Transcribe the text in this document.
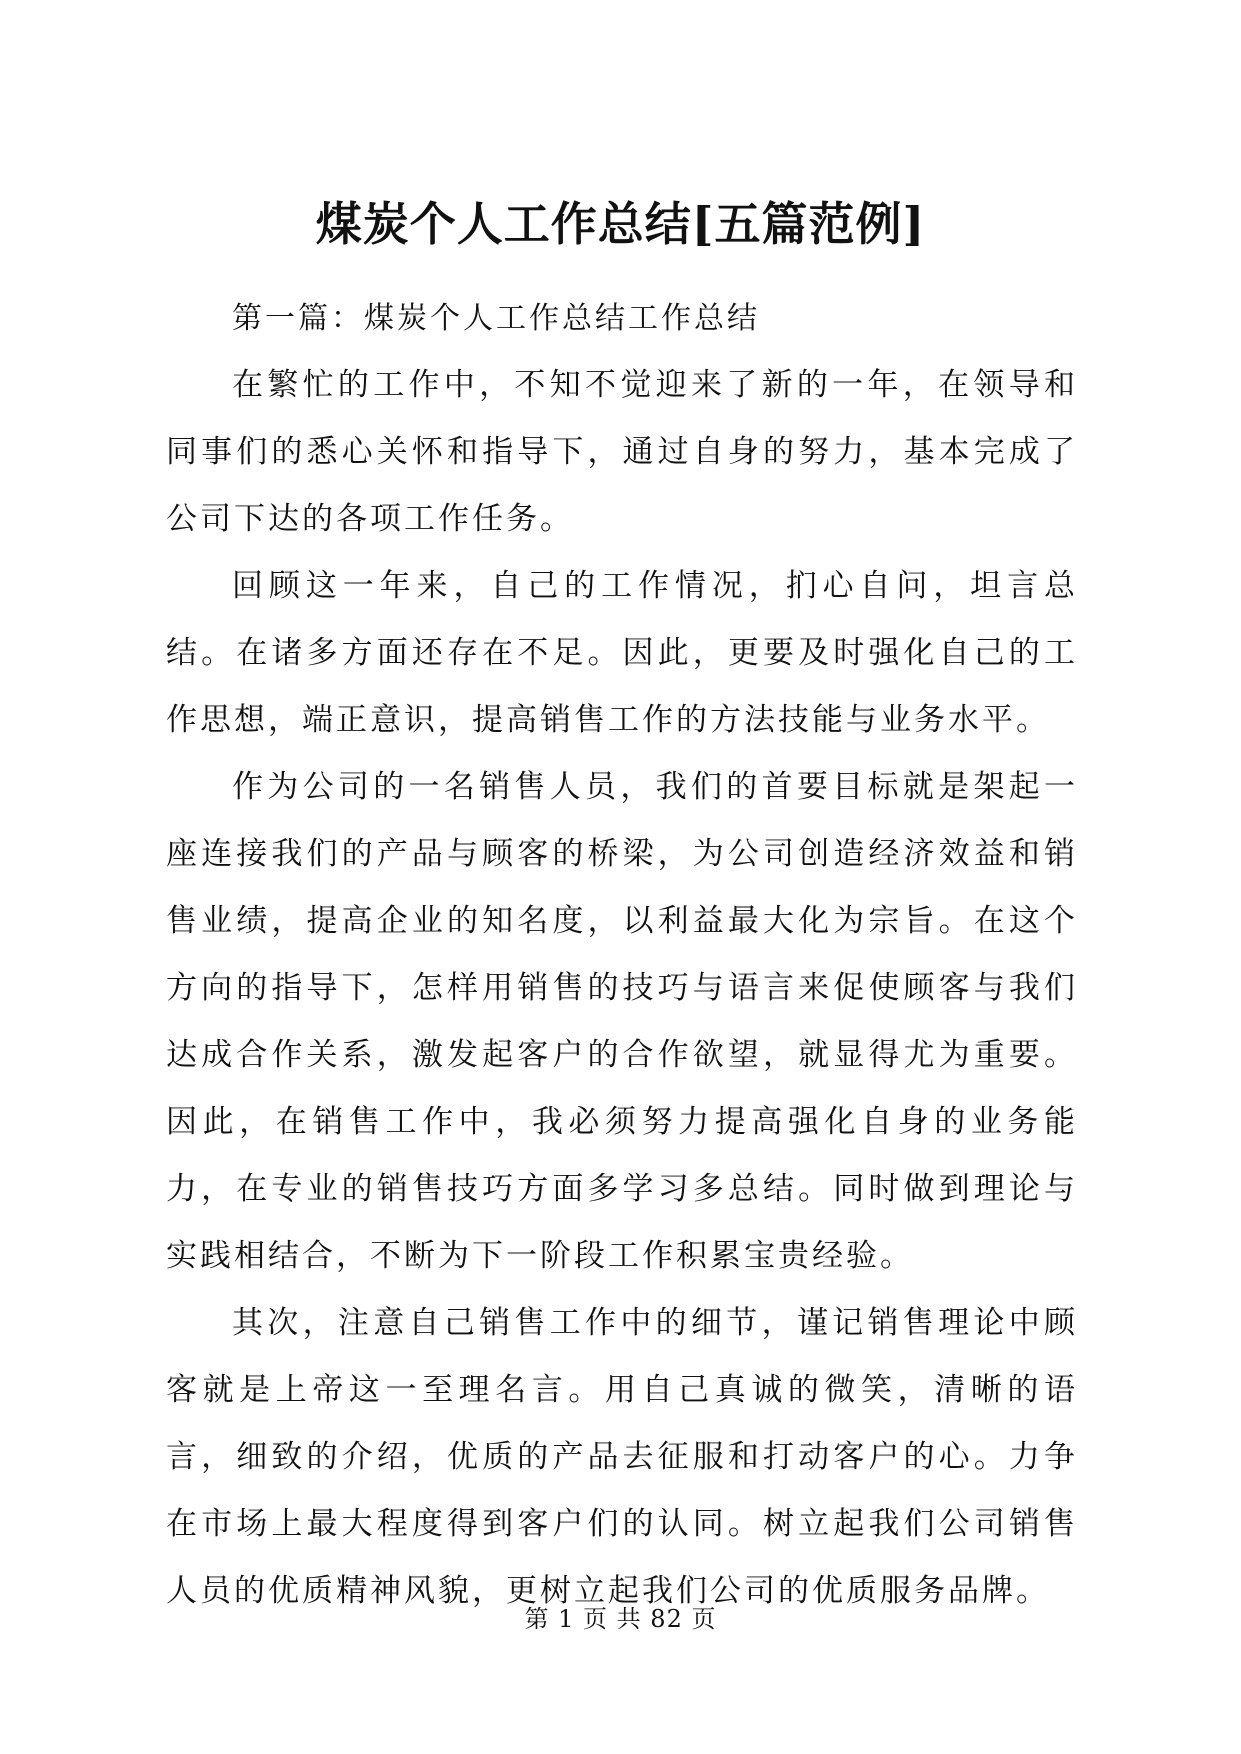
煤炭个人工作总结[五篇范例]

第一篇：煤炭个人工作总结工作总结

在繁忙的工作中，不知不觉迎来了新的一年，在领导和同事们的悉心关怀和指导下，通过自身的努力，基本完成了公司下达的各项工作任务。

回顾这一年来，自己的工作情况，扪心自问，坦言总结。在诸多方面还存在不足。因此，更要及时强化自己的工作思想，端正意识，提高销售工作的方法技能与业务水平。

作为公司的一名销售人员，我们的首要目标就是架起一座连接我们的产品与顾客的桥梁，为公司创造经济效益和销售业绩，提高企业的知名度，以利益最大化为宗旨。在这个方向的指导下，怎样用销售的技巧与语言来促使顾客与我们达成合作关系，激发起客户的合作欲望，就显得尤为重要。因此，在销售工作中，我必须努力提高强化自身的业务能力，在专业的销售技巧方面多学习多总结。同时做到理论与实践相结合，不断为下一阶段工作积累宝贵经验。

其次，注意自己销售工作中的细节，谨记销售理论中顾客就是上帝这一至理名言。用自己真诚的微笑，清晰的语言，细致的介绍，优质的产品去征服和打动客户的心。力争在市场上最大程度得到客户们的认同。树立起我们公司销售人员的优质精神风貌，更树立起我们公司的优质服务品牌。

第 1 页 共 82 页
